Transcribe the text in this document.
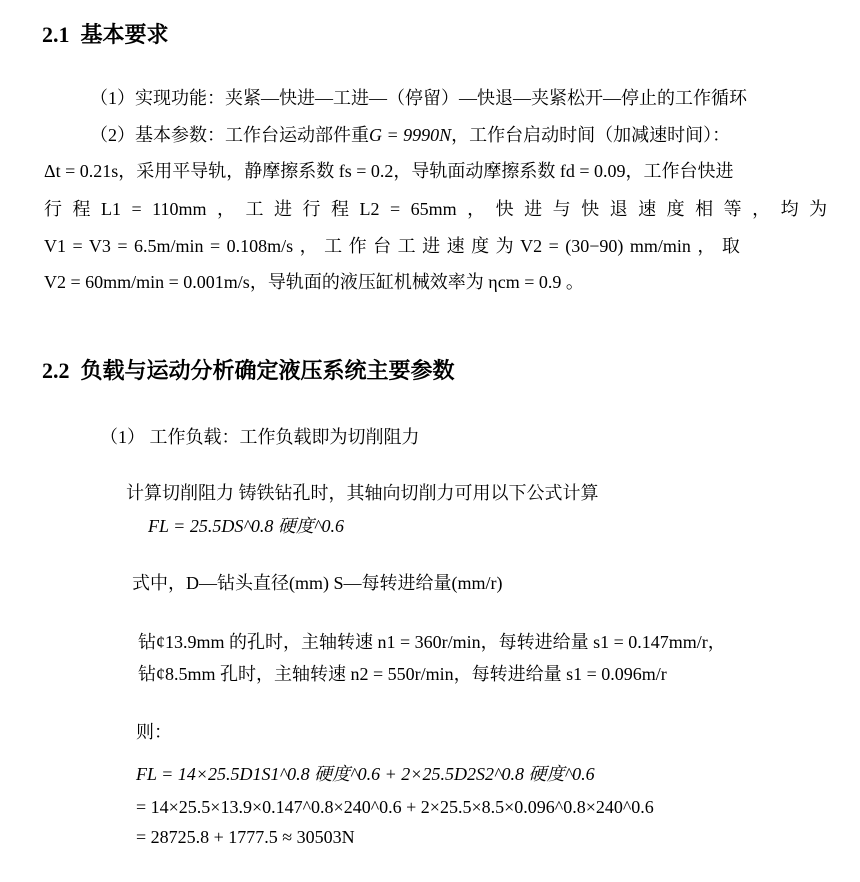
2.1 基本要求
（1）实现功能：夹紧—快进—工进—（停留）—快退—夹紧松开—停止的工作循环
（2）基本参数：工作台运动部件重G = 9990N，工作台启动时间（加减速时间）：
Δt = 0.21s，采用平导轨，静摩擦系数 fs = 0.2，导轨面动摩擦系数 fd = 0.09，工作台快进
行 程 L1 = 110mm ， 工 进 行 程 L2 = 65mm ， 快 进 与 快 退 速 度 相 等 ， 均 为
V1 = V3 = 6.5m/min = 0.108m/s ， 工 作 台 工 进 速 度 为 V2 = (30−90) mm/min ， 取
V2 = 60mm/min = 0.001m/s，导轨面的液压缸机械效率为 ηcm = 0.9 。
2.2 负载与运动分析确定液压系统主要参数
（1） 工作负载：工作负载即为切削阻力
计算切削阻力 铸铁钻孔时，其轴向切削力可用以下公式计算
FL = 25.5DS^0.8 硬度^0.6
式中，D—钻头直径(mm) S—每转进给量(mm/r)
钻¢13.9mm 的孔时，主轴转速 n1 = 360r/min，每转进给量 s1 = 0.147mm/r，
钻¢8.5mm 孔时，主轴转速 n2 = 550r/min，每转进给量 s1 = 0.096m/r
则：
FL = 14×25.5D1S1^0.8 硬度^0.6 + 2×25.5D2S2^0.8 硬度^0.6
= 14×25.5×13.9×0.147^0.8×240^0.6 + 2×25.5×8.5×0.096^0.8×240^0.6
= 28725.8 + 1777.5 ≈ 30503N
